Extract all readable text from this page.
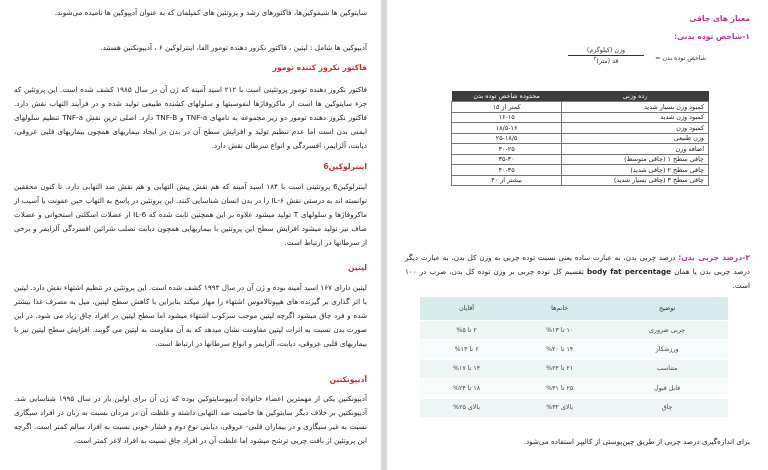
سایتوکین ها شیموکین‌ها، فاکتورهای رشد و پروتئین های کمپلمان که به عنوان آدیپوکین ها نامیده می‌شوند.
آدیپوکین ها شامل : لپتین ، فاکتور نکروز دهنده تومور الفا، اینترلوکین ۶ ، آدیپونکتین هستند.
فاکتور نکروز کننده تومور
فاکتور نکروز دهنده تومور پروتئینی است با ۲۱۲ اسید آمینه که ژن آن در سال ۱۹۸۵ کشف شده است. این پروتئین که جزء سایتوکین ها است از ماکروفاژها لنفوسیتها و سلولهای کشنده طبیعی تولید شده و در فرآیند التهاب نقش دارد. فاکتور نکروز دهنده تومور دو زیر مجموعه به نامهای TNF-a و TNF-B دارد. اصلی ترین نقش TNF-a تنظیم سلولهای ایمنی بدن است اما عدم تنظیم تولید و افزایش سطح آن در بدن در ایجاد بیماریهای همچون بیماریهای قلبی عروقی، دیابت، آلزایمر، افسردگی و انواع سرطان نقش دارد.
اینترلوکین6
اینترلوکین6 پروتئینی است با ۱۸۴ اسید آمینه که هم نقش پیش التهابی و هم نقش ضد التهابی دارد. تا کنون محققین توانسته اند به درستی نقش IL-۶ را در بدن انسان شناسایی کنند. این پروتئین در پاسخ به التهاب حین عفونت یا آسیب از ماکروفاژها و سلولهای T تولید میشود علاوه بر این همچنین ثابت شده که IL-6 از عضلات اسکلتی استخوانی و عضلات صاف نیز تولید میشود افزایش سطح این پروتئین با بیماریهایی همچون دیابت تصلب شرائین افسردگی آلزایمر و برخی از سرطانها در ارتباط است.
لپتین
لپتین دارای ۱۶۷ اسید آمینه بوده و ژن آن در سال ۱۹۹۴ کشف شده است. این پروتئین در تنظیم اشتهاء نقش دارد. لپتین با اثر گذاری بر گیرنده های هیپوتالاموس اشتهاء را مهار میکند بنابراین با کاهش سطح لپتین، میل به مصرف غذا بیشتر شده و فرد چاق میشود اگرچه لپتین موجب سرکوب اشتهاء میشود اما سطح لپتین در افراد چاق زیاد می شود. در این صورت بدن نسبت به اثرات لپتین مقاومت نشان میدهد که به آن مقاومت به لپتین می گویند. افزایش سطح لپتین نیز با بیماریهای قلبی عروقی، دیابت، آلزایمر و انواع سرطانها در ارتباط است.
آدیپونکتین
آدیپونکتین یکی از مهمترین اعضاء خانواده آدیپوسایتوکین بوده که ژن آن برای اولین بار در سال ۱۹۹۵ شناسایی شد. آدیپونکتین بر خلاف دیگر سایتوکین ها خاصیت ضد التهابی داشته و غلظت آن در مردان نسبت به زنان در افراد سیگاری نسبت به غیر سیگاری و در بیماران قلبی- عروقی، دیابتی نوع دوم و فشار خونی نسبت به افراد سالم کمتر است. اگرچه این پروتئین از بافت چربی ترشح میشود اما غلظت آن در افراد چاق نسبت به افراد لاغر کمتر است.
معیار های چاقی
۱-شاخص توده بدنی:
شاخص توده بدن =
وزن (کیلوگرم)
قد (متر)$^۲$
رده وزنی	محدوده شاخص توده بدن
کمبود وزن بسیار شدید	کمتر از ۱۵
کمبود وزن شدید	۱۶-۱۵
کمبود وزن	۱۸/۵-۱۶
وزن طبیعی	۲۵-۱۸/۵
اضافه وزن	۳۰-۲۵
چاقی سطح ۱ (چاقی متوسط)	۳۵-۳۰
چاقی سطح ۲ (چاقی شدید)	۴۰-۳۵
چاقی سطح ۳ (چاقی بسیار شدید)	بیشتر از ۴۰
۲-درصد چربی بدن: درصد چربی بدن، به عبارت ساده یعنی نسبت توده چربی به وزن کل بدن. به عبارت دیگر درصد چربی بدن یا همان body fat percentage تقسیم کل توده چربی بر وزن توده کل بدن، ضرب در ۱۰۰ است.
توضیح	خانم‌ها	آقایان
چربی ضروری	۱۰ تا ۱۳%	۲ تا ۵%
ورزشکار	۱۴ تا ۲۰%	۶ تا ۱۳%
متناسب	۲۱ تا ۲۴%	۱۴ تا ۱۷%
قابل قبول	۲۵ تا ۳۱%	۱۸ تا ۲۴%
چاق	بالای ۳۲%	بالای ۲۵%
برای اندازه‌گیری درصد چربی از طریق چین‌پوستی از کالیپر استفاده می‌شود.
